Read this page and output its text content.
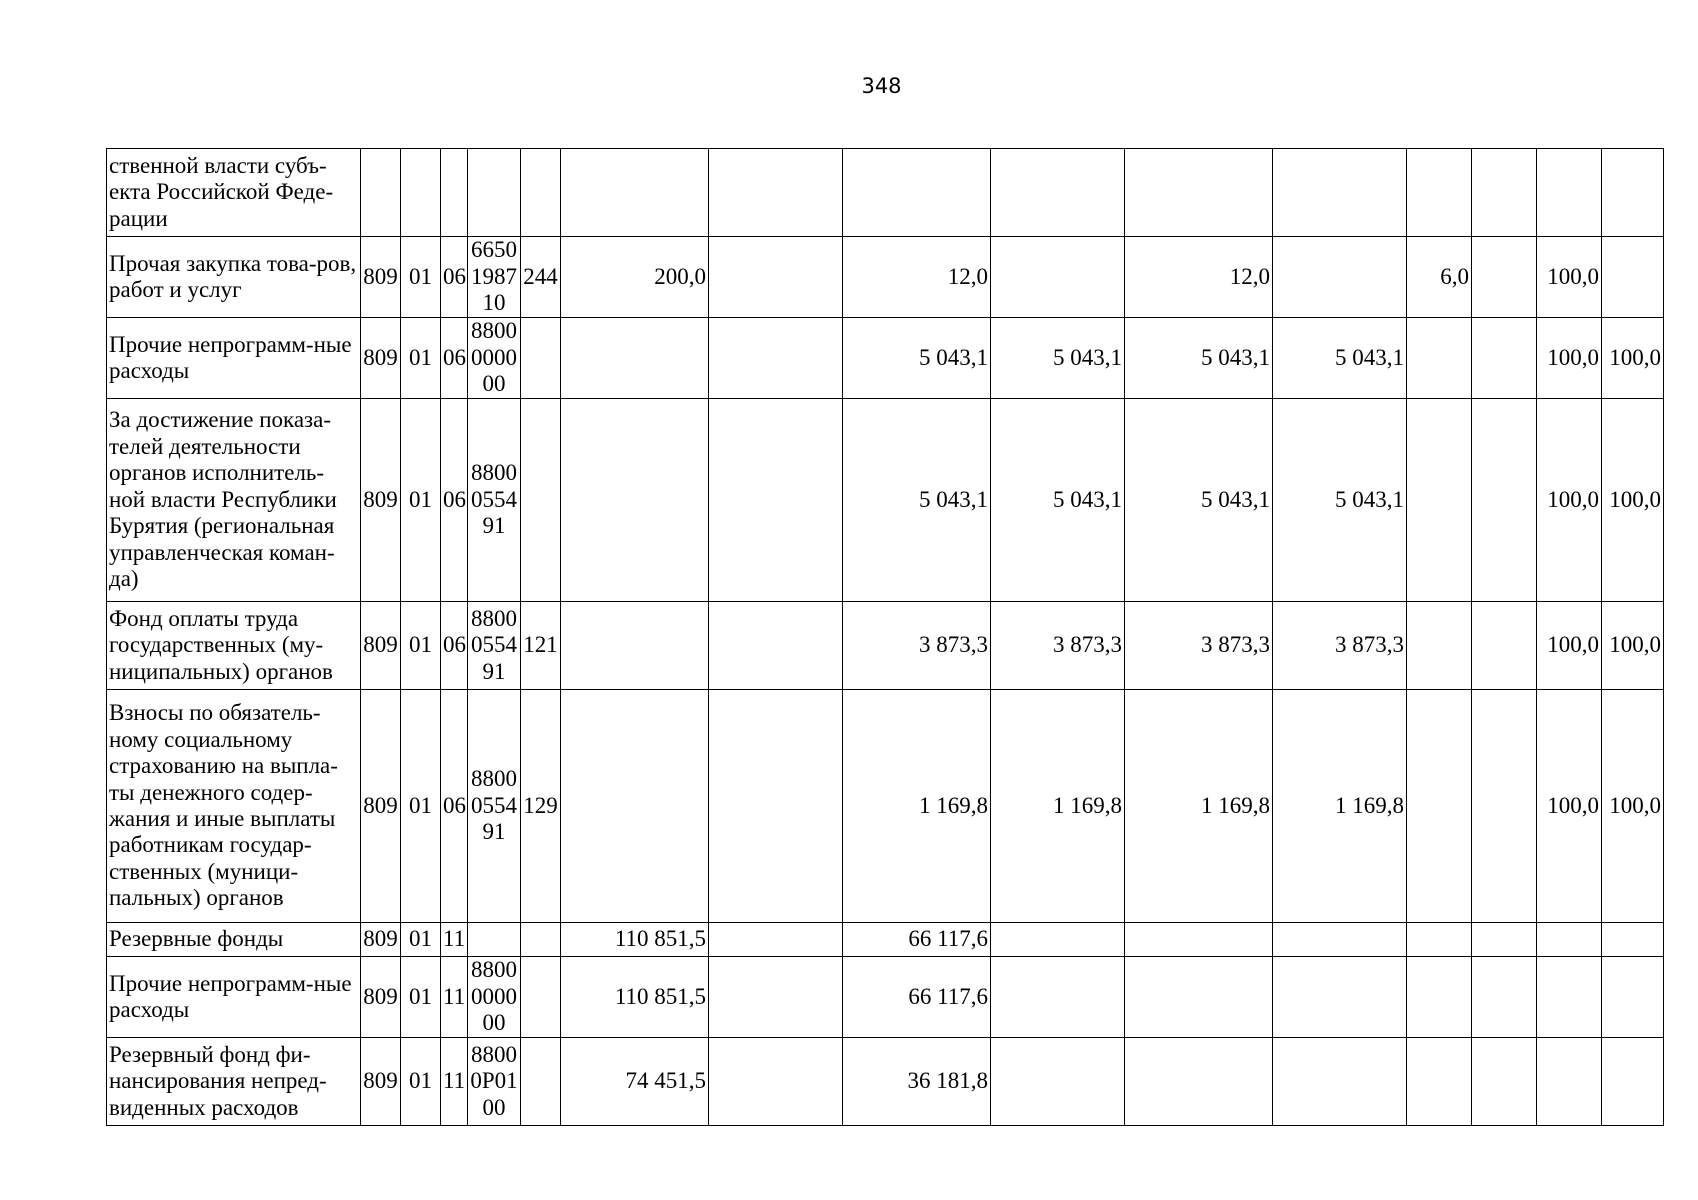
348
ственной власти субъ-екта Российской Феде-рации															
Прочая закупка това-ров, работ и услуг	809	01	06	6650198710	244	200,0		12,0		12,0		6,0		100,0	
Прочие непрограмм-ные расходы	809	01	06	8800000000				5 043,1	5 043,1	5 043,1	5 043,1			100,0	100,0
За достижение показа-телей деятельности органов исполнитель-ной власти Республики Бурятия (региональная управленческая коман-да)	809	01	06	8800055491				5 043,1	5 043,1	5 043,1	5 043,1			100,0	100,0
Фонд оплаты труда государственных (му-ниципальных) органов	809	01	06	8800055491	121			3 873,3	3 873,3	3 873,3	3 873,3			100,0	100,0
Взносы по обязатель-ному социальному страхованию на выпла-ты денежного содер-жания и иные выплаты работникам государ-ственных (муници-пальных) органов	809	01	06	8800055491	129			1 169,8	1 169,8	1 169,8	1 169,8			100,0	100,0
Резервные фонды	809	01	11			110 851,5		66 117,6							
Прочие непрограмм-ные расходы	809	01	11	8800000000		110 851,5		66 117,6							
Резервный фонд фи-нансирования непред-виденных расходов	809	01	11	88000P0100		74 451,5		36 181,8							
